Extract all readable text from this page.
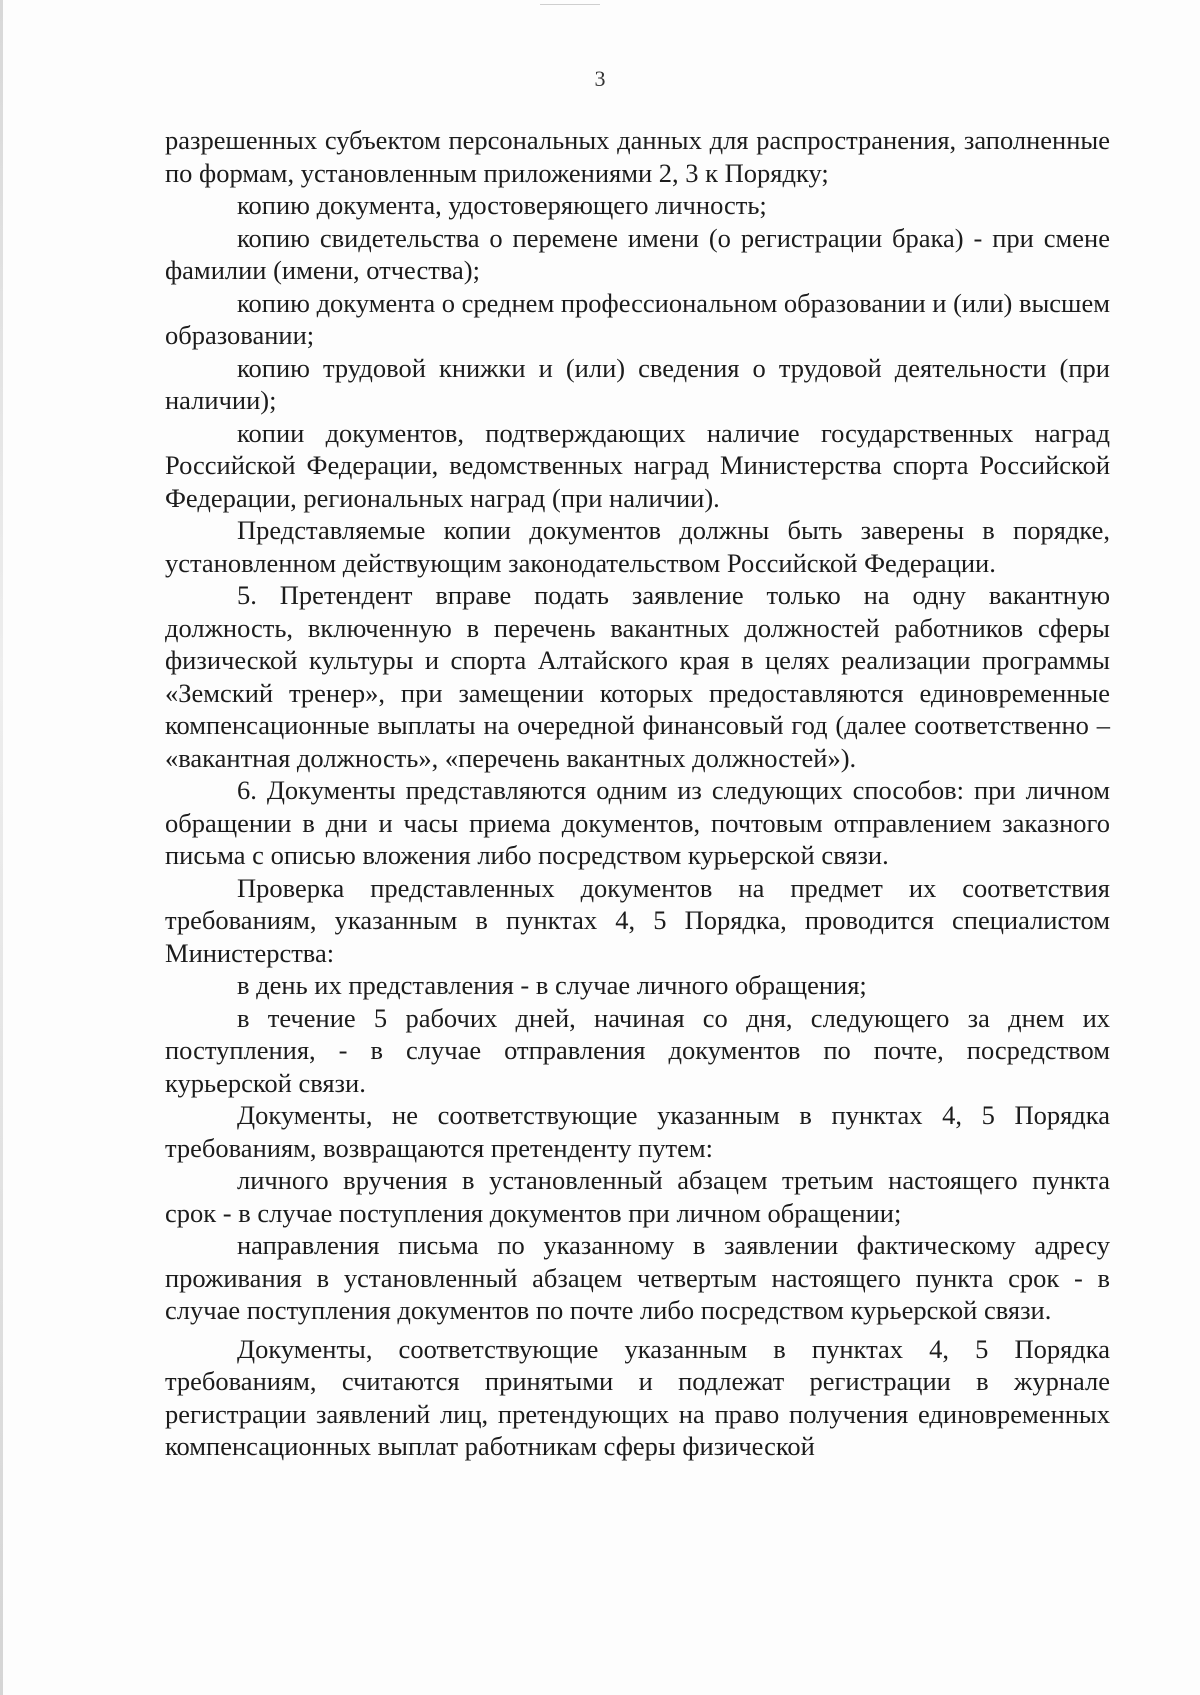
3

разрешенных субъектом персональных данных для распространения, заполненные по формам, установленным приложениями 2, 3 к Порядку;

копию документа, удостоверяющего личность;

копию свидетельства о перемене имени (о регистрации брака) - при смене фамилии (имени, отчества);

копию документа о среднем профессиональном образовании и (или) высшем образовании;

копию трудовой книжки и (или) сведения о трудовой деятельности (при наличии);

копии документов, подтверждающих наличие государственных наград Российской Федерации, ведомственных наград Министерства спорта Российской Федерации, региональных наград (при наличии).

Представляемые копии документов должны быть заверены в порядке, установленном действующим законодательством Российской Федерации.

5. Претендент вправе подать заявление только на одну вакантную должность, включенную в перечень вакантных должностей работников сферы физической культуры и спорта Алтайского края в целях реализации программы «Земский тренер», при замещении которых предоставляются единовременные компенсационные выплаты на очередной финансовый год (далее соответственно – «вакантная должность», «перечень вакантных должностей»).

6. Документы представляются одним из следующих способов: при личном обращении в дни и часы приема документов, почтовым отправлением заказного письма с описью вложения либо посредством курьерской связи.

Проверка представленных документов на предмет их соответствия требованиям, указанным в пунктах 4, 5 Порядка, проводится специалистом Министерства:

в день их представления - в случае личного обращения;

в течение 5 рабочих дней, начиная со дня, следующего за днем их поступления, - в случае отправления документов по почте, посредством курьерской связи.

Документы, не соответствующие указанным в пунктах 4, 5 Порядка требованиям, возвращаются претенденту путем:

личного вручения в установленный абзацем третьим настоящего пункта срок - в случае поступления документов при личном обращении;

направления письма по указанному в заявлении фактическому адресу проживания в установленный абзацем четвертым настоящего пункта срок - в случае поступления документов по почте либо посредством курьерской связи.

Документы, соответствующие указанным в пунктах 4, 5 Порядка требованиям, считаются принятыми и подлежат регистрации в журнале регистрации заявлений лиц, претендующих на право получения единовременных компенсационных выплат работникам сферы физической
